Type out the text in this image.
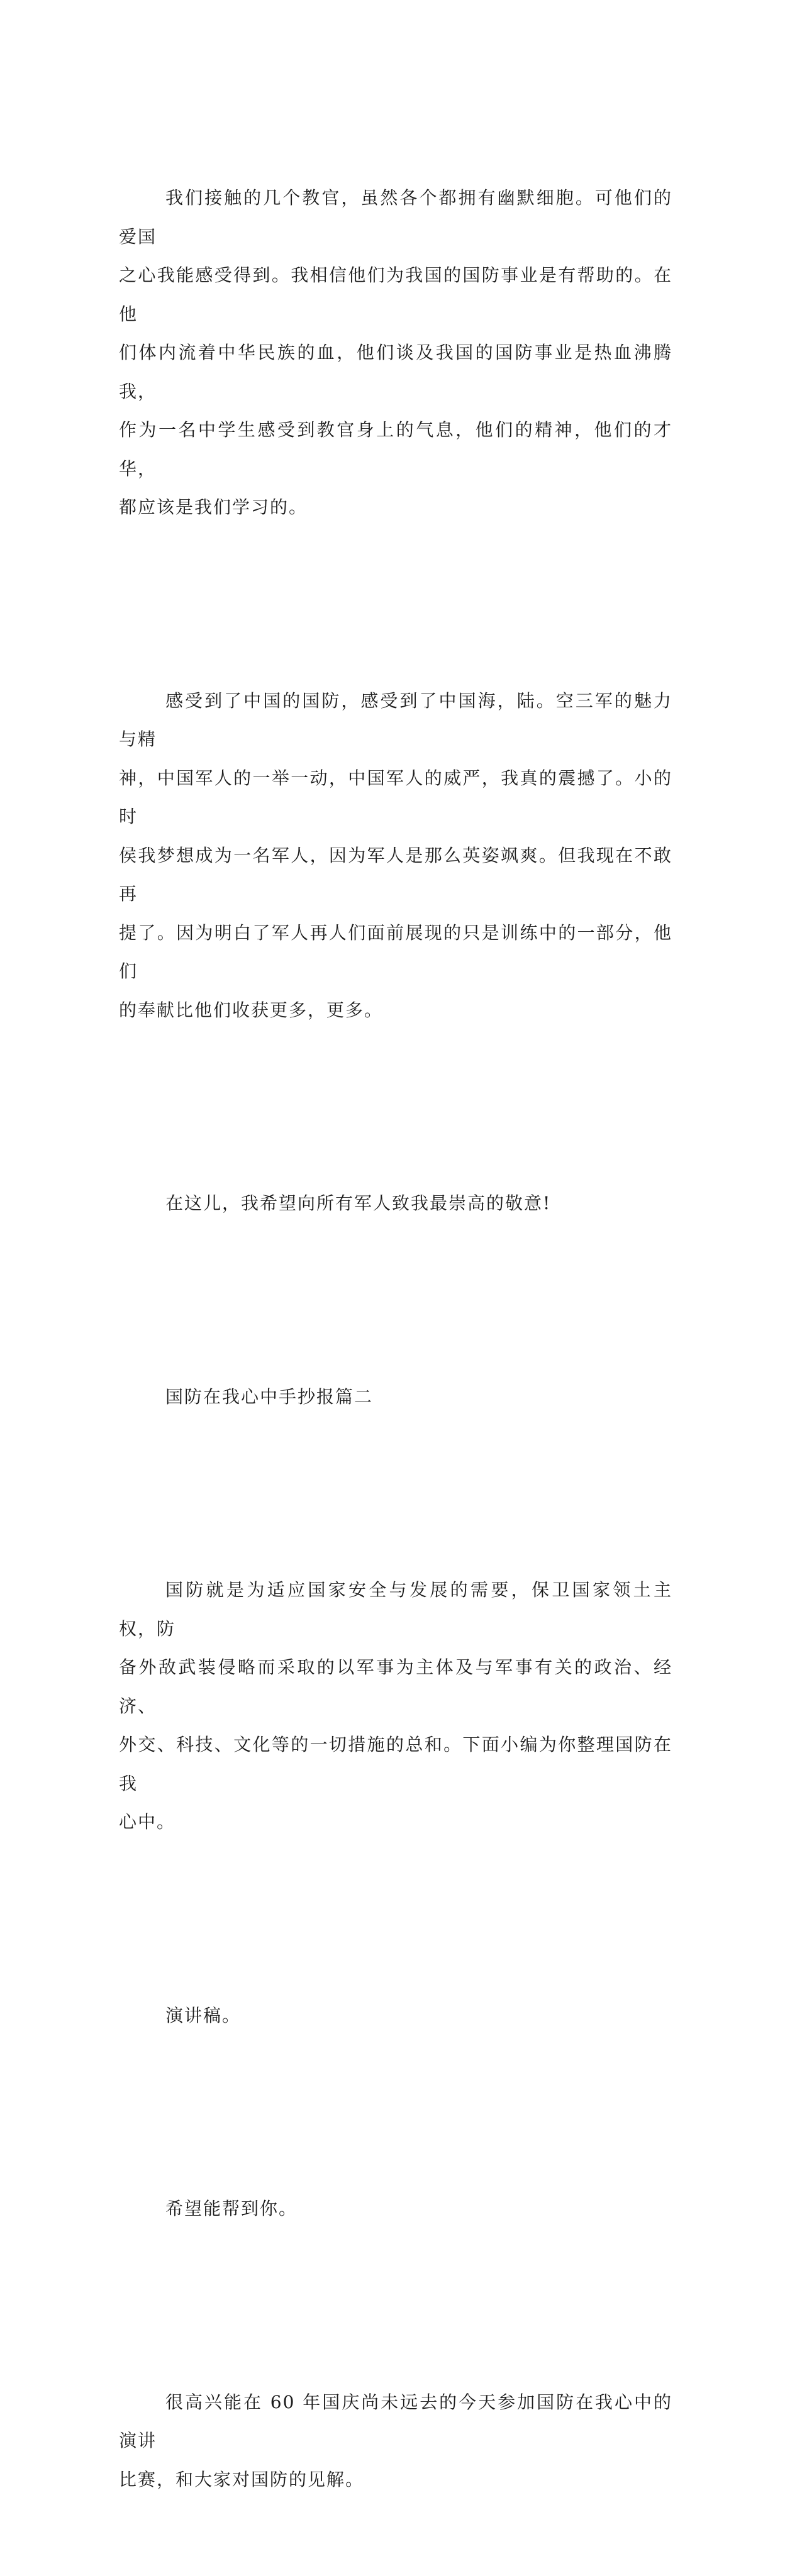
我们接触的几个教官，虽然各个都拥有幽默细胞。可他们的爱国
之心我能感受得到。我相信他们为我国的国防事业是有帮助的。在他
们体内流着中华民族的血，他们谈及我国的国防事业是热血沸腾我，
作为一名中学生感受到教官身上的气息，他们的精神，他们的才华，
都应该是我们学习的。

感受到了中国的国防，感受到了中国海，陆。空三军的魅力与精
神，中国军人的一举一动，中国军人的威严，我真的震撼了。小的时
侯我梦想成为一名军人，因为军人是那么英姿飒爽。但我现在不敢再
提了。因为明白了军人再人们面前展现的只是训练中的一部分，他们
的奉献比他们收获更多，更多。

在这儿，我希望向所有军人致我最崇高的敬意!

国防在我心中手抄报篇二

国防就是为适应国家安全与发展的需要，保卫国家领土主权，防
备外敌武装侵略而采取的以军事为主体及与军事有关的政治、经济、
外交、科技、文化等的一切措施的总和。下面小编为你整理国防在我
心中。

演讲稿。

希望能帮到你。

很高兴能在 60 年国庆尚未远去的今天参加国防在我心中的演讲
比赛，和大家对国防的见解。
